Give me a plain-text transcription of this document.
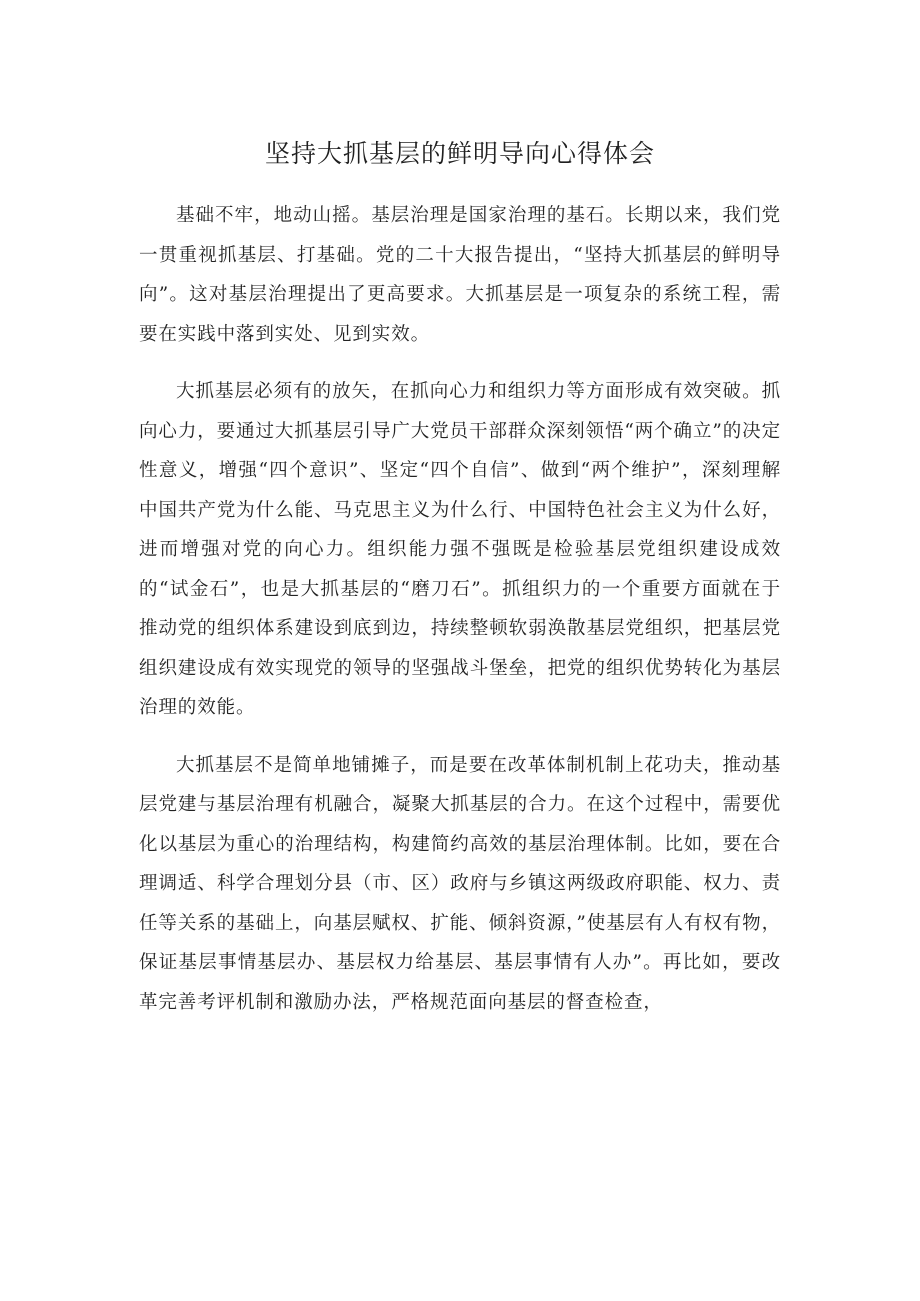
坚持大抓基层的鲜明导向心得体会

基础不牢，地动山摇。基层治理是国家治理的基石。长期以来，我们党一贯重视抓基层、打基础。党的二十大报告提出，“坚持大抓基层的鲜明导向”。这对基层治理提出了更高要求。大抓基层是一项复杂的系统工程，需要在实践中落到实处、见到实效。

大抓基层必须有的放矢，在抓向心力和组织力等方面形成有效突破。抓向心力，要通过大抓基层引导广大党员干部群众深刻领悟“两个确立”的决定性意义，增强“四个意识”、坚定“四个自信”、做到“两个维护”，深刻理解中国共产党为什么能、马克思主义为什么行、中国特色社会主义为什么好，进而增强对党的向心力。组织能力强不强既是检验基层党组织建设成效的“试金石”，也是大抓基层的“磨刀石”。抓组织力的一个重要方面就在于推动党的组织体系建设到底到边，持续整顿软弱涣散基层党组织，把基层党组织建设成有效实现党的领导的坚强战斗堡垒，把党的组织优势转化为基层治理的效能。

大抓基层不是简单地铺摊子，而是要在改革体制机制上花功夫，推动基层党建与基层治理有机融合，凝聚大抓基层的合力。在这个过程中，需要优化以基层为重心的治理结构，构建简约高效的基层治理体制。比如，要在合理调适、科学合理划分县（市、区）政府与乡镇这两级政府职能、权力、责任等关系的基础上，向基层赋权、扩能、倾斜资源，”使基层有人有权有物，保证基层事情基层办、基层权力给基层、基层事情有人办”。再比如，要改革完善考评机制和激励办法，严格规范面向基层的督查检查，
